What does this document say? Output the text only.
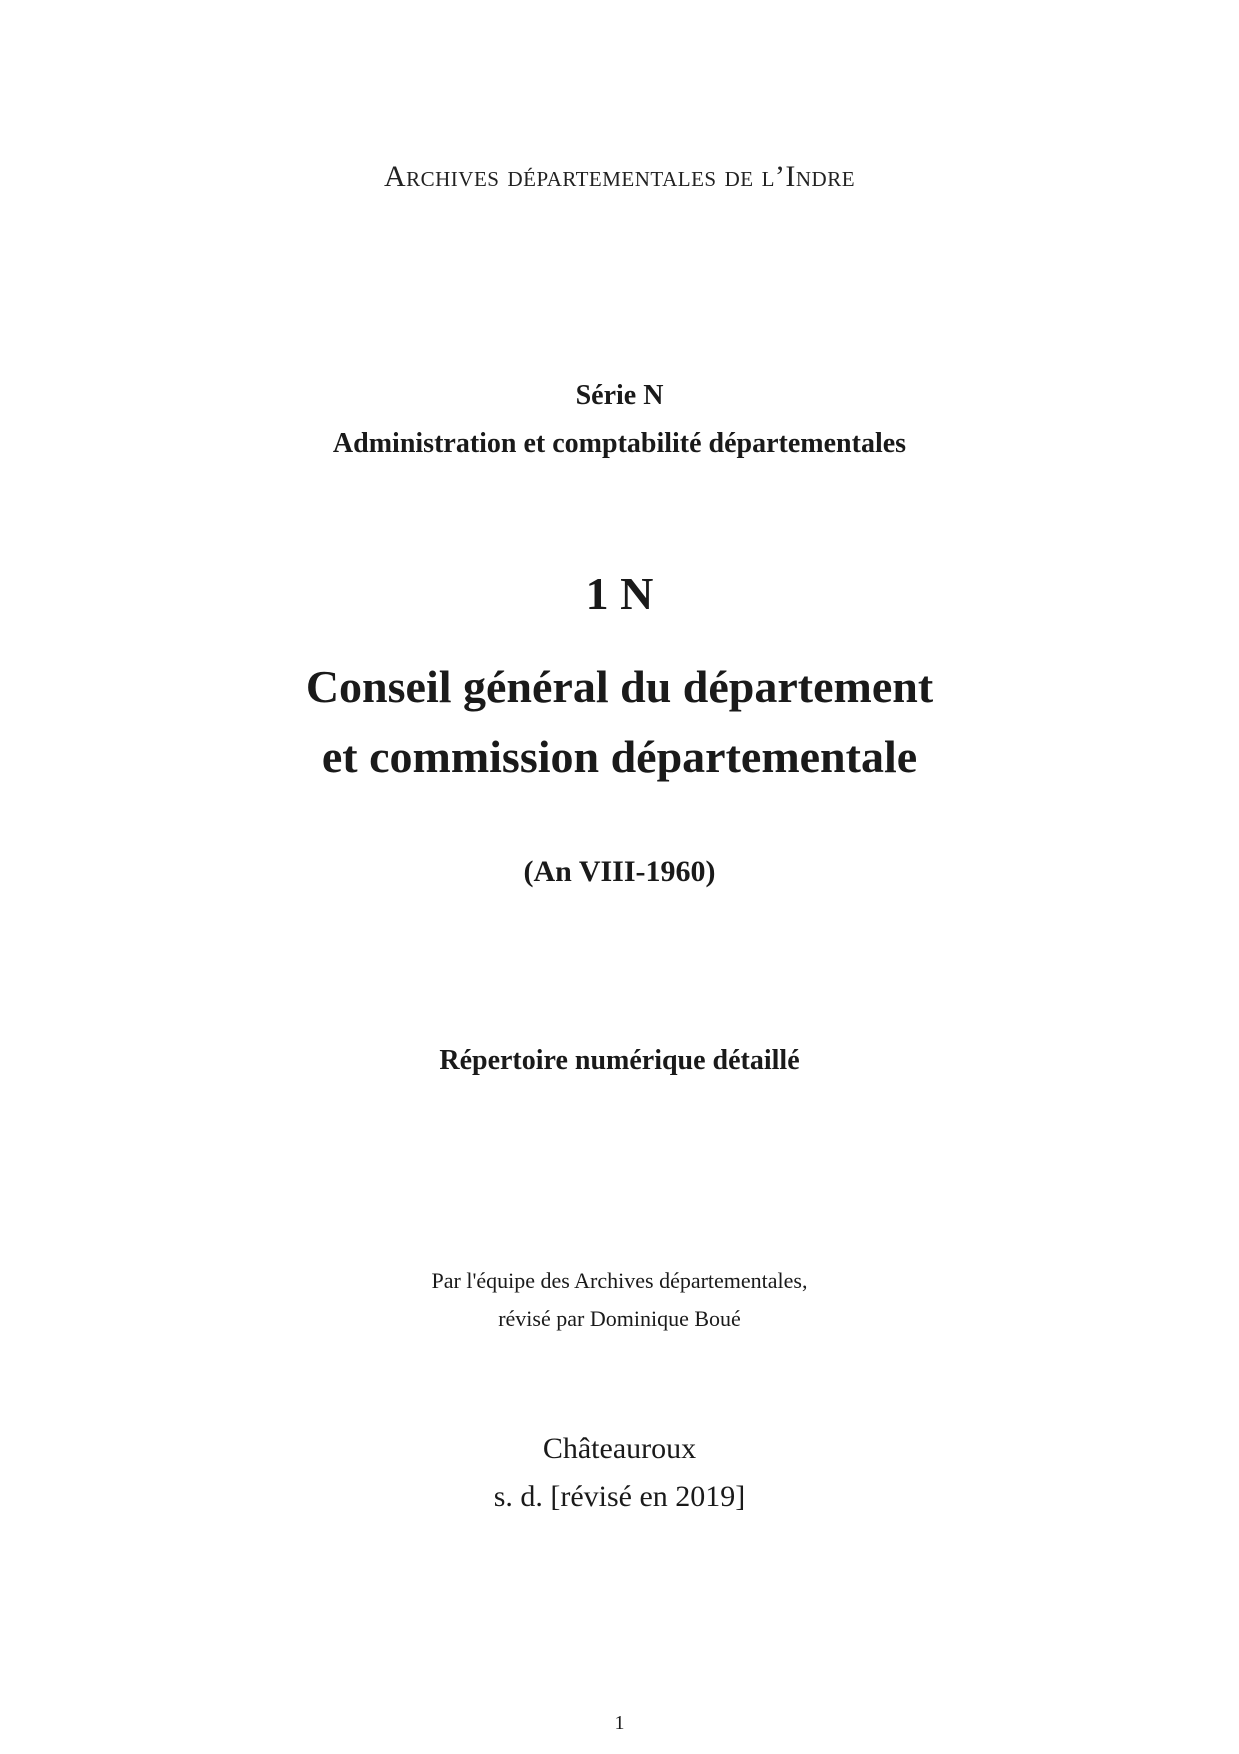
Archives départementales de l’Indre
Série N
Administration et comptabilité départementales
1 N
Conseil général du département
et commission départementale
(An VIII-1960)
Répertoire numérique détaillé
Par l'équipe des Archives départementales,
révisé par Dominique Boué
Châteauroux
s. d. [révisé en 2019]
1
